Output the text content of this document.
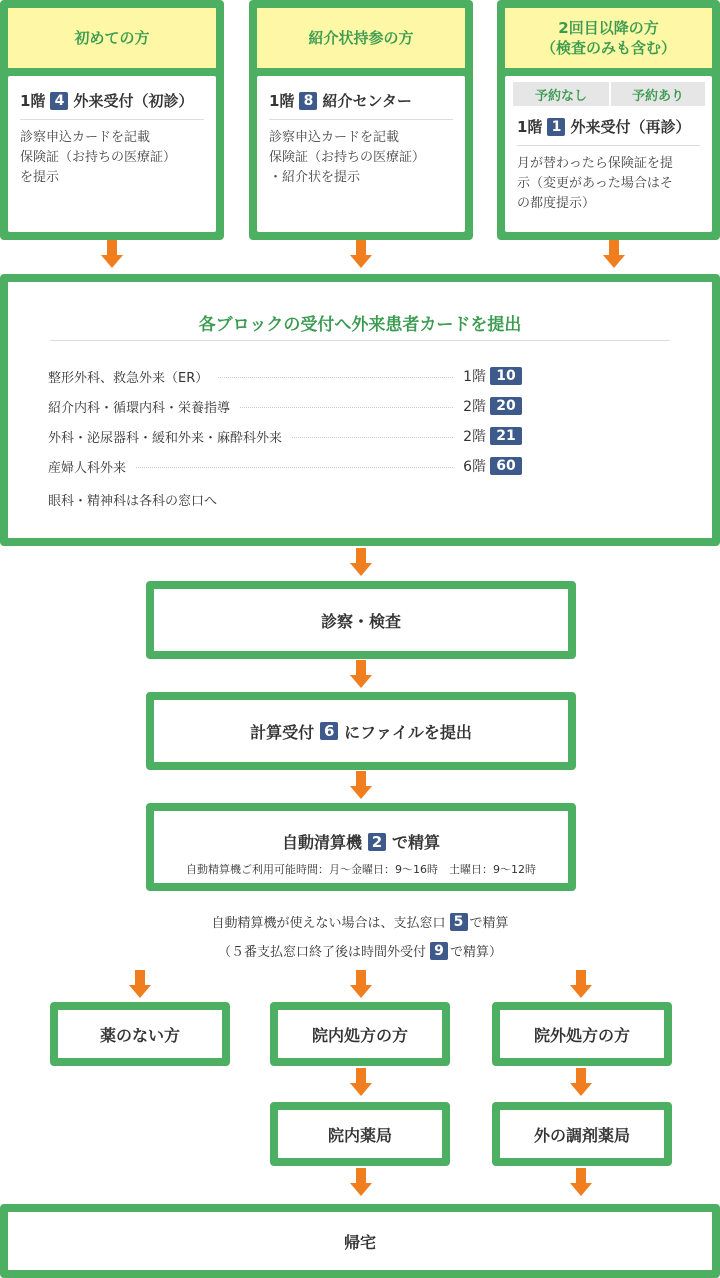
初めての方
1階 4 外来受付（初診）
診察申込カードを記載
保険証（お持ちの医療証）
を提示
紹介状持参の方
1階 8 紹介センター
診察申込カードを記載
保険証（お持ちの医療証）
・紹介状を提示
2回目以降の方
（検査のみも含む）
予約なし	予約あり
1階 1 外来受付（再診）
月が替わったら保険証を提
示（変更があった場合はそ
の都度提示）
各ブロックの受付へ外来患者カードを提出
整形外科、救急外来（ER）	1階 10
紹介内科・循環内科・栄養指導	2階 20
外科・泌尿器科・緩和外来・麻酔科外来	2階 21
産婦人科外来	6階 60
眼科・精神科は各科の窓口へ
診察・検査
計算受付 6 にファイルを提出
自動清算機 2 で精算
自動精算機ご利用可能時間：月〜金曜日：9〜16時　土曜日：9〜12時
自動精算機が使えない場合は、支払窓口 5 で精算
（５番支払窓口終了後は時間外受付 9 で精算）
薬のない方	院内処方の方	院外処方の方
院内薬局	外の調剤薬局
帰宅
